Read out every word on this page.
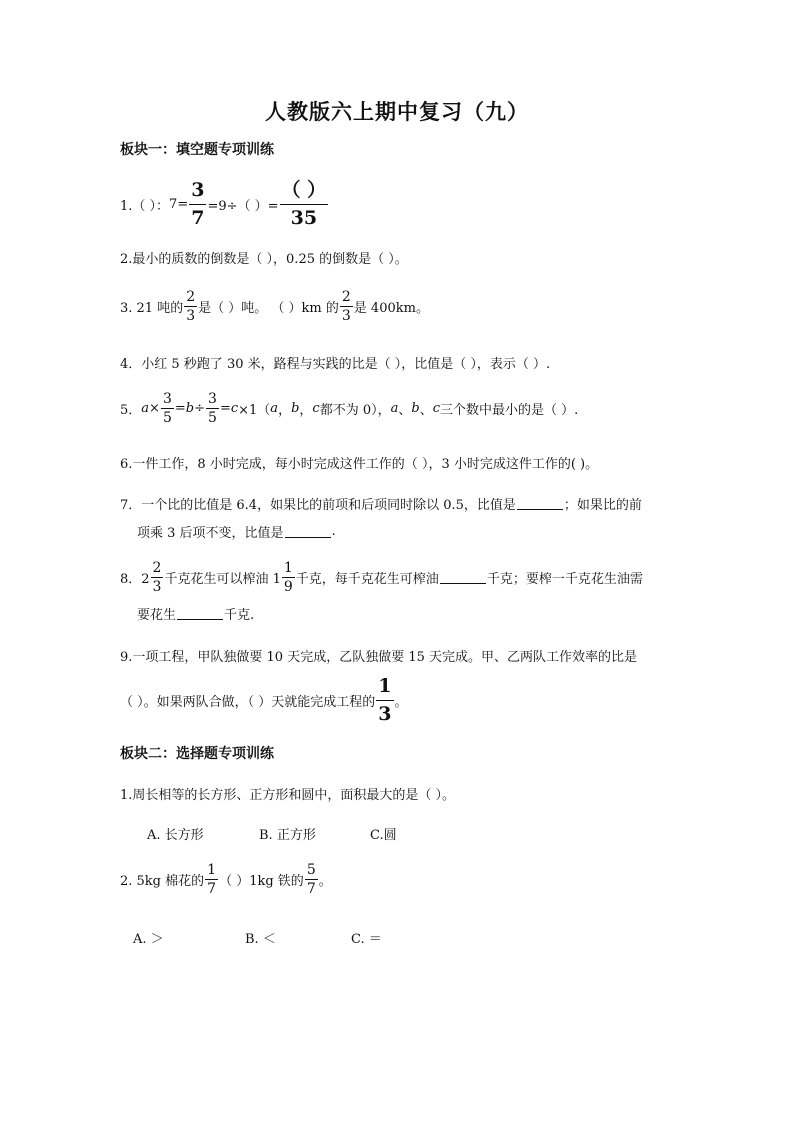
人教版六上期中复习（九）
板块一：填空题专项训练
1.（ ）： $7= \frac{3}{7} =9\div$（ ）= $\frac{( )}{35}$
2.最小的质数的倒数是（ ），0.25 的倒数是（ ）。
3. 21 吨的 $\frac{2}{3}$ 是（ ）吨。 （ ）km 的 $\frac{2}{3}$ 是 400km。
4．小红 5 秒跑了 30 米，路程与实践的比是（ ），比值是（ ），表示（ ）.
5． $a \times \frac{3}{5} = b \div \frac{3}{5} = c \times 1$（ a ， b ， c 都不为 0）， a 、 b 、 c 三个数中最小的是（ ）.
6.一件工作，8 小时完成，每小时完成这件工作的（ ），3 小时完成这件工作的( )。
7．一个比的比值是 6.4，如果比的前项和后项同时除以 0.5，比值是	；如果比的前
项乘 3 后项不变，比值是	.
8．$2 \frac{2}{3}$ 千克花生可以榨油 $1 \frac{1}{9}$ 千克，每千克花生可榨油	千克；要榨一千克花生油需
要花生	千克.
9.一项工程，甲队独做要 10 天完成，乙队独做要 15 天完成。甲、乙两队工作效率的比是
（ ）。如果两队合做，（ ）天就能完成工程的 $\frac{1}{3}$ 。
板块二：选择题专项训练
1.周长相等的长方形、正方形和圆中，面积最大的是（ ）。
A. 长方形	B. 正方形	C.圆
2. 5kg 棉花的 $\frac{1}{7}$ （ ）1kg 铁的 $\frac{5}{7}$ 。
A. ＞	B. ＜	C. ＝
